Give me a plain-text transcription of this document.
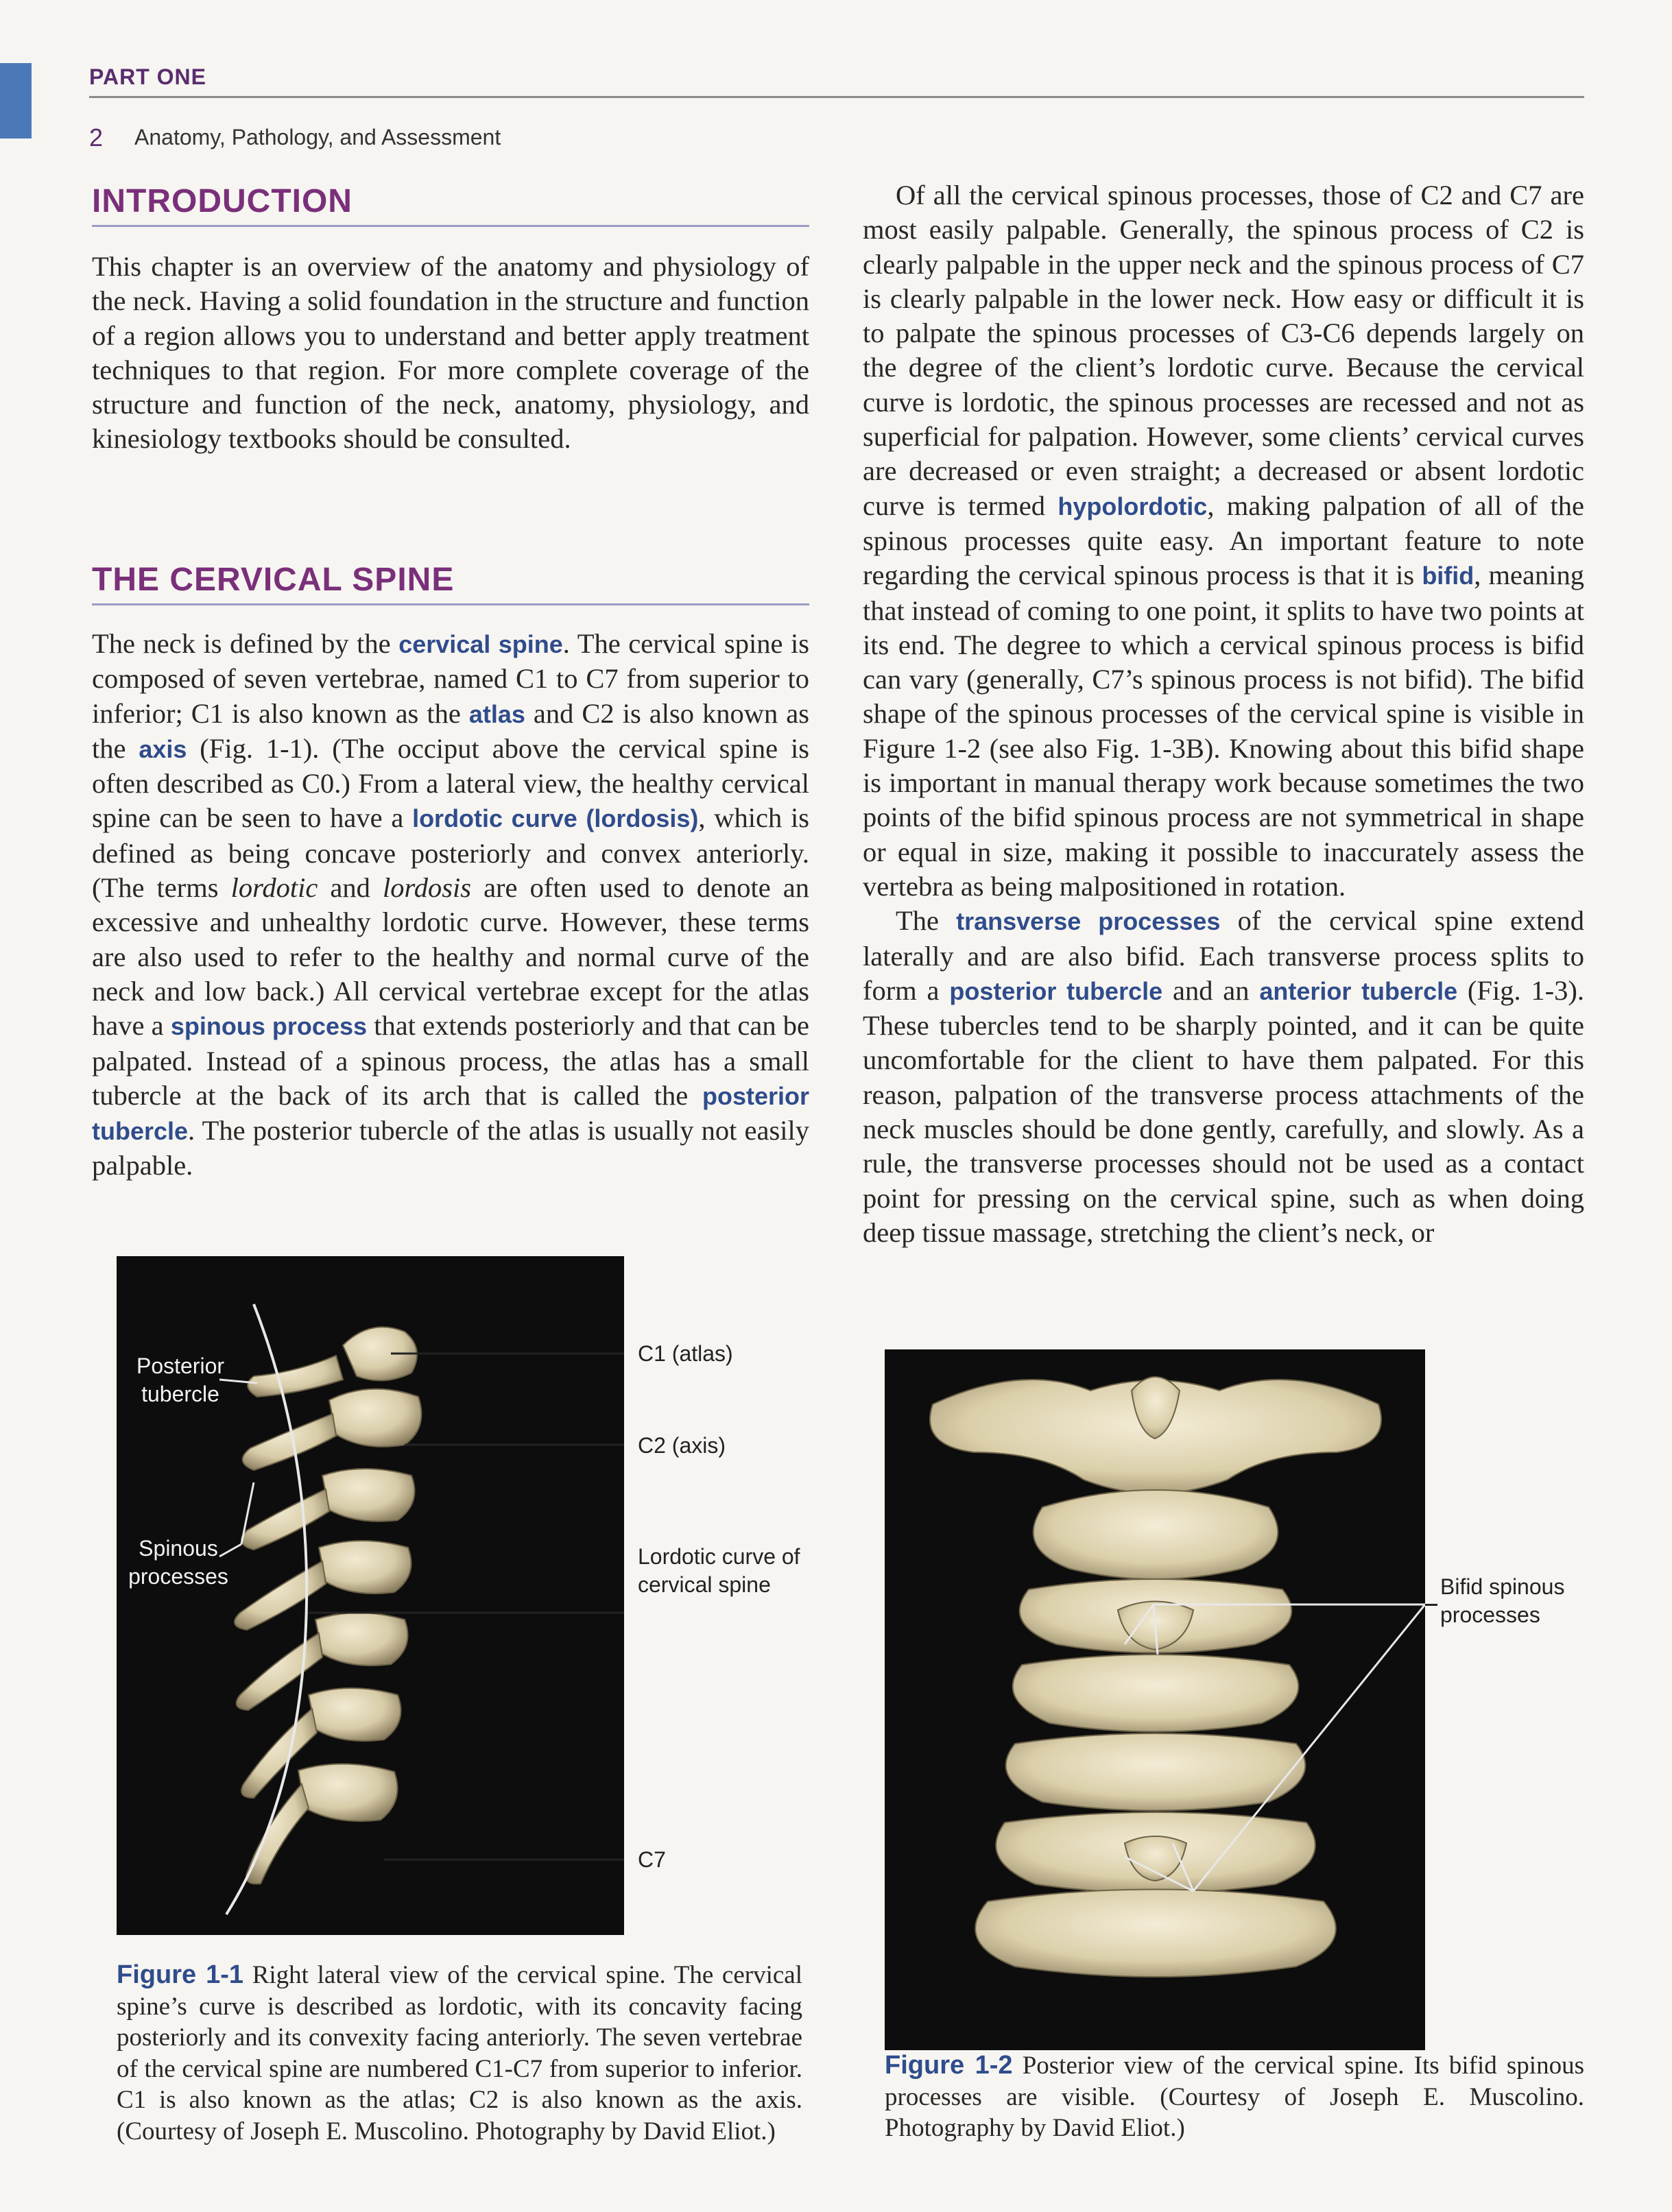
PART ONE
2 Anatomy, Pathology, and Assessment
INTRODUCTION

This chapter is an overview of the anatomy and physiology of the neck. Having a solid foundation in the structure and function of a region allows you to understand and better apply treatment techniques to that region. For more complete coverage of the structure and function of the neck, anatomy, physiology, and kinesiology textbooks should be consulted.

THE CERVICAL SPINE

The neck is defined by the cervical spine. The cervical spine is composed of seven vertebrae, named C1 to C7 from superior to inferior; C1 is also known as the atlas and C2 is also known as the axis (Fig. 1-1). (The occiput above the cervical spine is often described as C0.) From a lateral view, the healthy cervical spine can be seen to have a lordotic curve (lordosis), which is defined as being concave posteriorly and convex anteriorly. (The terms lordotic and lordosis are often used to denote an excessive and unhealthy lordotic curve. However, these terms are also used to refer to the healthy and normal curve of the neck and low back.) All cervical vertebrae except for the atlas have a spinous process that extends posteriorly and that can be palpated. Instead of a spinous process, the atlas has a small tubercle at the back of its arch that is called the posterior tubercle. The posterior tubercle of the atlas is usually not easily palpable.

Of all the cervical spinous processes, those of C2 and C7 are most easily palpable. Generally, the spinous process of C2 is clearly palpable in the upper neck and the spinous process of C7 is clearly palpable in the lower neck. How easy or difficult it is to palpate the spinous processes of C3-C6 depends largely on the degree of the client’s lordotic curve. Because the cervical curve is lordotic, the spinous processes are recessed and not as superficial for palpation. However, some clients’ cervical curves are decreased or even straight; a decreased or absent lordotic curve is termed hypolordotic, making palpation of all of the spinous processes quite easy. An important feature to note regarding the cervical spinous process is that it is bifid, meaning that instead of coming to one point, it splits to have two points at its end. The degree to which a cervical spinous process is bifid can vary (generally, C7’s spinous process is not bifid). The bifid shape of the spinous processes of the cervical spine is visible in Figure 1-2 (see also Fig. 1-3B). Knowing about this bifid shape is important in manual therapy work because sometimes the two points of the bifid spinous process are not symmetrical in shape or equal in size, making it possible to inaccurately assess the vertebra as being malpositioned in rotation.

The transverse processes of the cervical spine extend laterally and are also bifid. Each transverse process splits to form a posterior tubercle and an anterior tubercle (Fig. 1-3). These tubercles tend to be sharply pointed, and it can be quite uncomfortable for the client to have them palpated. For this reason, palpation of the transverse process attachments of the neck muscles should be done gently, carefully, and slowly. As a rule, the transverse processes should not be used as a contact point for pressing on the cervical spine, such as when doing deep tissue massage, stretching the client’s neck, or

Posterior tubercle
Spinous processes
C1 (atlas)
C2 (axis)
Lordotic curve of cervical spine
C7
Figure 1-1 Right lateral view of the cervical spine. The cervical spine’s curve is described as lordotic, with its concavity facing posteriorly and its convexity facing anteriorly. The seven vertebrae of the cervical spine are numbered C1-C7 from superior to inferior. C1 is also known as the atlas; C2 is also known as the axis. (Courtesy of Joseph E. Muscolino. Photography by David Eliot.)
Bifid spinous processes
Figure 1-2 Posterior view of the cervical spine. Its bifid spinous processes are visible. (Courtesy of Joseph E. Muscolino. Photography by David Eliot.)
